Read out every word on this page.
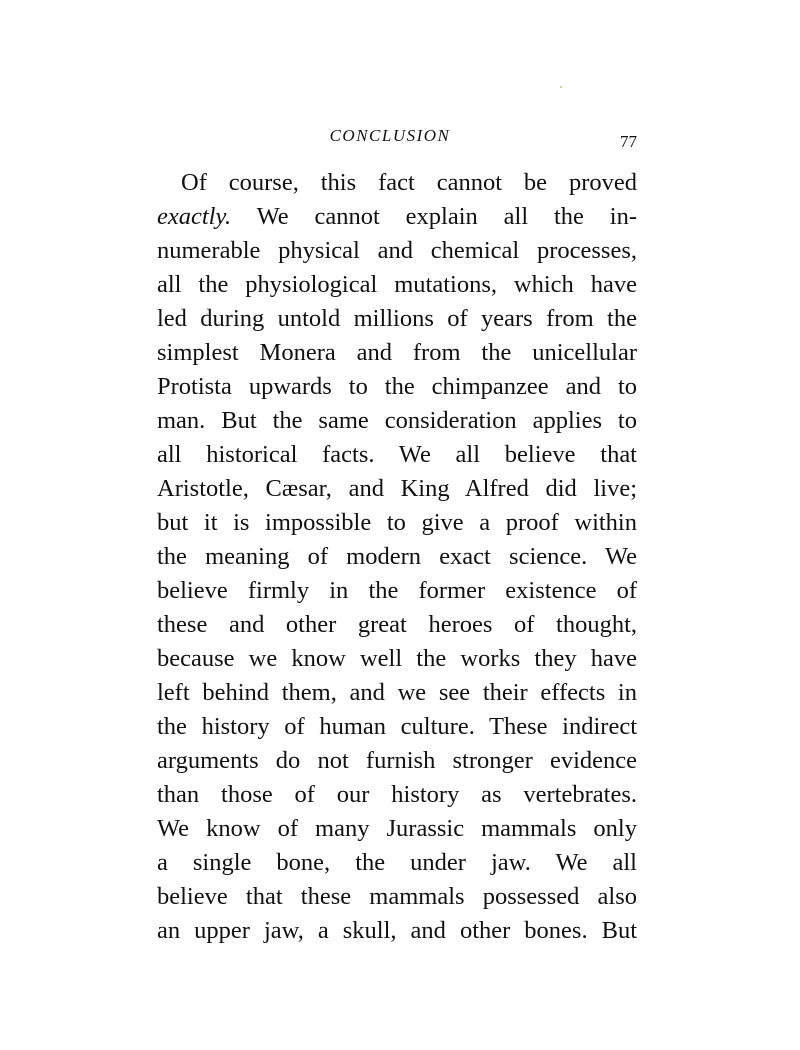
CONCLUSION	77
Of course, this fact cannot be proved
exactly. We cannot explain all the in-
numerable physical and chemical processes,
all the physiological mutations, which have
led during untold millions of years from the
simplest Monera and from the unicellular
Protista upwards to the chimpanzee and to
man. But the same consideration applies to
all historical facts. We all believe that
Aristotle, Cæsar, and King Alfred did live;
but it is impossible to give a proof within
the meaning of modern exact science. We
believe firmly in the former existence of
these and other great heroes of thought,
because we know well the works they have
left behind them, and we see their effects in
the history of human culture. These indirect
arguments do not furnish stronger evidence
than those of our history as vertebrates.
We know of many Jurassic mammals only
a single bone, the under jaw. We all
believe that these mammals possessed also
an upper jaw, a skull, and other bones. But
